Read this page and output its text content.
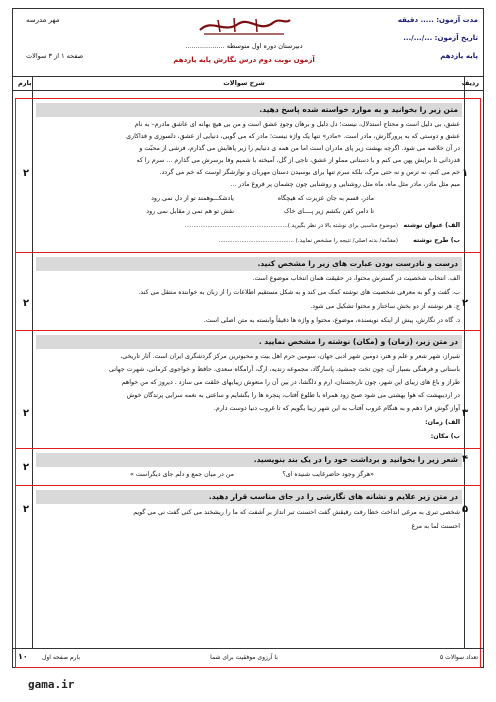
مدت آزمون: ..... دقیقه
تاریخ آزمون: .../.../...
پایه یازدهم
مهر مدرسه
صفحه ۱ از ۳ سوالات
دبیرستان دوره اول متوسطه ...................
آزمون نوبت دوم درس نگارش پایه یازدهم
ردیف
شرح سوالات
بارم
متن زیر را بخوانید و به موارد خواسته شده پاسخ دهید.
۱
۲
عشق، بی دلیل است و محتاج استدلال، نیست؛ دل دلیل و برهان وجودِ عشق است و من بی هیچ بهانه ای عاشق مادرم– به نام
عشق و دوستی که به پرورگارش، مادر است. «مادر» تنها یک واژه نیست؛ مادر که می گویی، دنیایی از عشق، دلسوزی و فداکاری
در آن خلاصه می شود. اگرچه بهشت زیر پای مادران است اما من همه ی دنیایم را زیر پاهایش می گذارم، فرشی از محبّت و
قدردانی تا برایش پهن می کنم و با دستانی مملو از عشق، تاجی از گل، آمیخته با شمیم وفا برسرش می گذارم ... سرم را که
خم می کنم، نه ترس و نه حتی مرگ، بلکه سرم تنها برای بوسیدن دستان مهربان و نوازشگر اوست که خم می گردد.
میم مثل مادر، مادر مثل ماه، ماه مثل روشنایی و روشنایی چون چشمان پر فروغ مادر ...
مادر، قسم به جان عزیزت که هیچگاه
یادشکـــوهمند تو از دل نمی رود
تا دامن کفن بکشم زیر پــــای خاک
نقش تو هم نمی ز مقابل نمی رود
الف) عنوان نوشته
(موضوع مناسبی برای نوشته بالا در نظر بگیرید.)...........................................................
ب) طرح نوشته
(مقدّمه/ بدنه اصلی/ نتیجه را مشخص نمایید.) ...........................................
درست و نادرست بودن عبارت های زیر را مشخص کنید.
۲
۲
الف. انتخاب شخصیت در گسترش محتوا، در حقیقت همان انتخاب موضوع است.
ب. گفت و گو به معرفی شخصیت های نوشته کمک می کند و به شکل مستقیم اطلاعات را از زبان به خواننده منتقل می کند.
ج. هر نوشته از دو بخش ساختار و محتوا تشکیل می شود.
د. گاه در نگارش، پیش از اینکه نویسنده، موضوع، محتوا و واژه ها دقیقاً وابسته به متن اصلی است.
در متن زیر، (زمان) و (مکان) نوشته را مشخص نمایید .
۳
۲
شیراز، شهر شعر و علم و هنر، دومین شهر ادبی جهان، سومین حرم اهل بیت و محبوترین مرکز گردشگری ایران است. آثار تاریخی،
باستانی و فرهنگی بسیار آن، چون تخت جمشید، پاسارگاد، مجموعه زندیه، ارگ، آرامگاه سعدی، حافظ و خواجوی کرمانی، شهرت جهانی
طراز و باغ های زیبای این شهر، چون نارنجستان، ارم و دلگشا، در بین آن را منعوش زیبایهای خلقت می سازد . دیروز که من خواهم
در اردیبهشت که هوا بهشتی می شود صبح زود همراه با طلوع آفتاب، پنجره ها را بگشایم و ساعتی به نغمه سرایی پرندگان خوش
آواز گوش فرا دهم و به هنگام غروب آفتاب به این شهر زیبا بگویم که تا غروب دنیا دوست دارم.
الف) زمان:
ب) مکان:
شعر زیر را بخوانید و برداشت خود را در یک بند بنویسید. ۴
۲
«هرگز وجود حاضرغایب شنیده ای؟
من در میان جمع و دلم جای دیگراست »
در متن زیر علایم و نشانه های نگارشی را در جای مناسب قرار دهید.
۵
۲	شخصی تبری به مرغی انداخت خطا رفت رفیقش گفت احسنت تبر انداز بر آشفت که ما را ریشخند می کنی گفت نی می گویم
احسنت لما به مرغ
تعداد سوالات ۵
با آرزوی موفقیت برای شما
بارم صفحه اول
۱۰
gama.ir
